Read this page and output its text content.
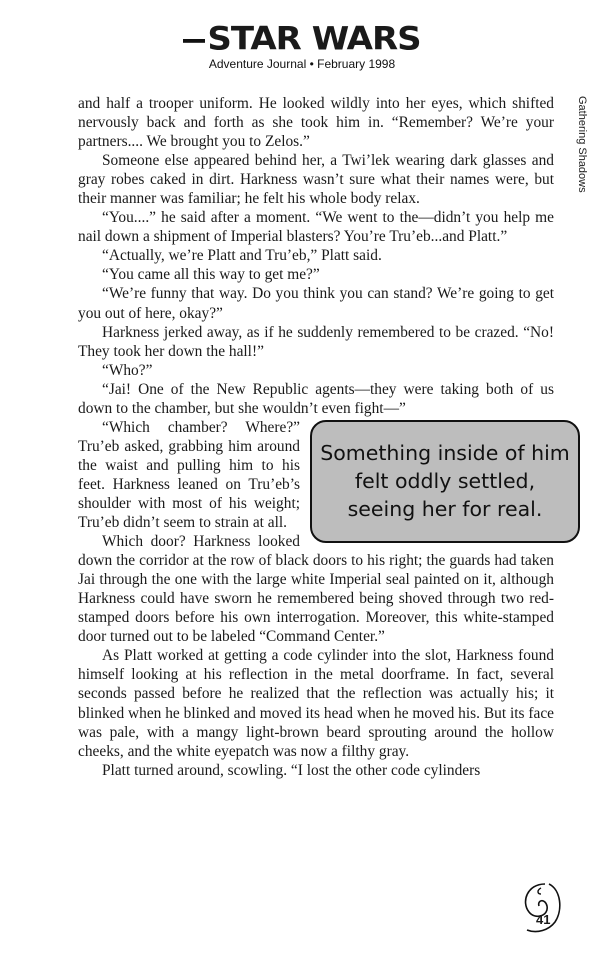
STAR WARS
Adventure Journal • February 1998
Gathering Shadows

and half a trooper uniform. He looked wildly into her eyes, which shifted nervously back and forth as she took him in. “Remember? We’re your partners.... We brought you to Zelos.”

Someone else appeared behind her, a Twi’lek wearing dark glasses and gray robes caked in dirt. Harkness wasn’t sure what their names were, but their manner was familiar; he felt his whole body relax.

“You....” he said after a moment. “We went to the—didn’t you help me nail down a shipment of Imperial blasters? You’re Tru’eb...and Platt.”

“Actually, we’re Platt and Tru’eb,” Platt said.

“You came all this way to get me?”

“We’re funny that way. Do you think you can stand? We’re going to get you out of here, okay?”

Harkness jerked away, as if he suddenly remembered to be crazed. “No! They took her down the hall!”

“Who?”

“Jai! One of the New Republic agents—they were taking both of us down to the chamber, but she wouldn’t even fight—”

Something inside of him felt oddly settled, seeing her for real.

“Which chamber? Where?” Tru’eb asked, grabbing him around the waist and pulling him to his feet. Harkness leaned on Tru’eb’s shoulder with most of his weight; Tru’eb didn’t seem to strain at all.

Which door? Harkness looked down the corridor at the row of black doors to his right; the guards had taken Jai through the one with the large white Imperial seal painted on it, although Harkness could have sworn he remembered being shoved through two red-stamped doors before his own interrogation. Moreover, this white-stamped door turned out to be labeled “Command Center.”

As Platt worked at getting a code cylinder into the slot, Harkness found himself looking at his reflection in the metal doorframe. In fact, several seconds passed before he realized that the reflection was actually his; it blinked when he blinked and moved its head when he moved his. But its face was pale, with a mangy light-brown beard sprouting around the hollow cheeks, and the white eyepatch was now a filthy gray.

Platt turned around, scowling. “I lost the other code cylinders

41
